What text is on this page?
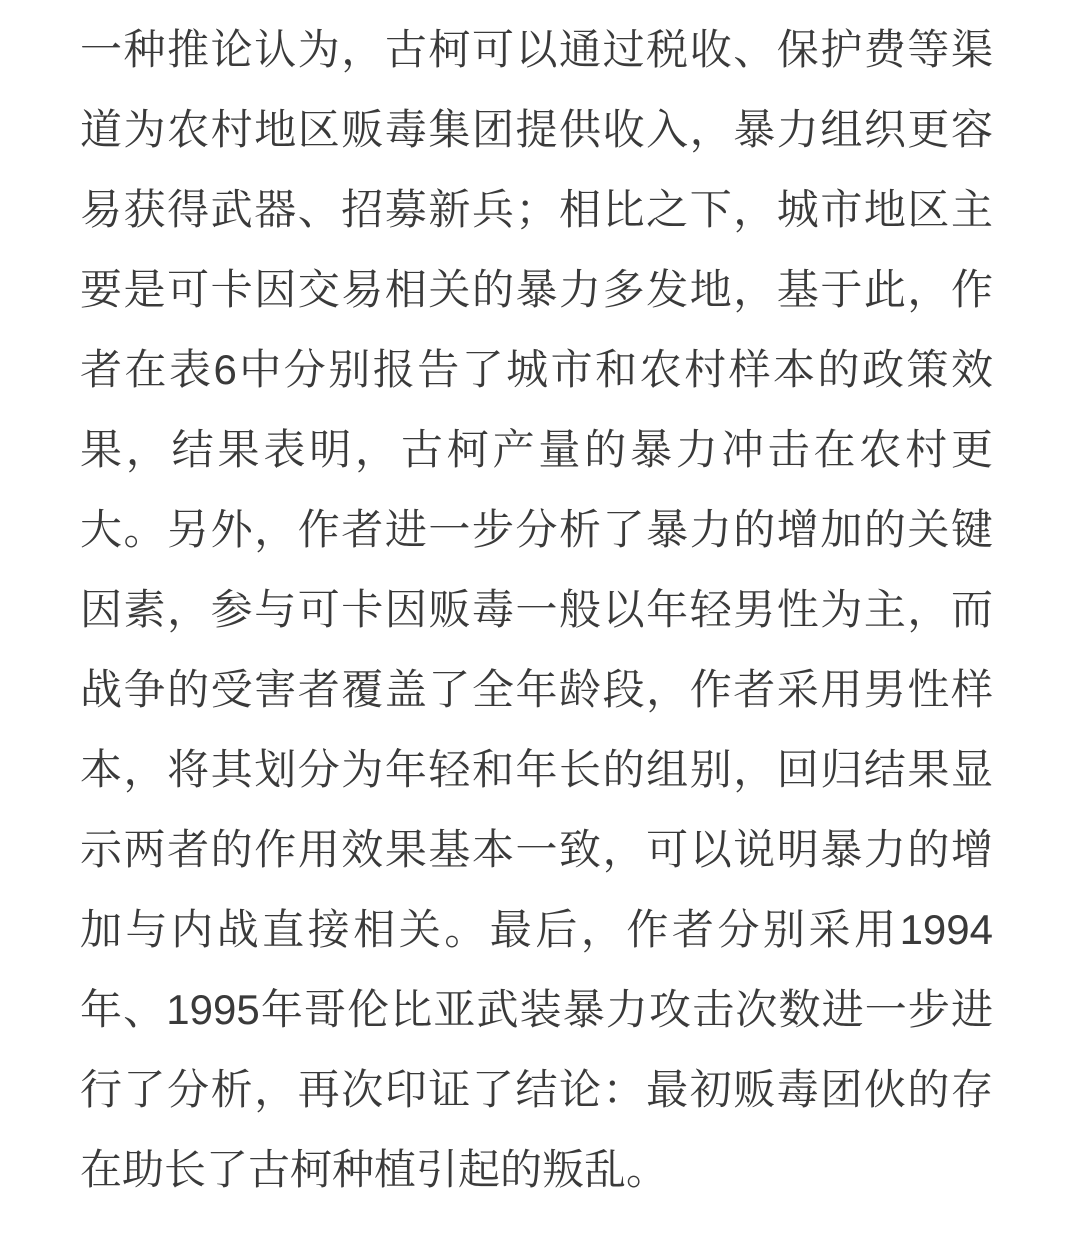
一种推论认为，古柯可以通过税收、保护费等渠
道为农村地区贩毒集团提供收入，暴力组织更容
易获得武器、招募新兵；相比之下，城市地区主
要是可卡因交易相关的暴力多发地，基于此，作
者在表6中分别报告了城市和农村样本的政策效
果，结果表明，古柯产量的暴力冲击在农村更
大。另外，作者进一步分析了暴力的增加的关键
因素，参与可卡因贩毒一般以年轻男性为主，而
战争的受害者覆盖了全年龄段，作者采用男性样
本，将其划分为年轻和年长的组别，回归结果显
示两者的作用效果基本一致，可以说明暴力的增
加与内战直接相关。最后，作者分别采用1994
年、1995年哥伦比亚武装暴力攻击次数进一步进
行了分析，再次印证了结论：最初贩毒团伙的存
在助长了古柯种植引起的叛乱。
